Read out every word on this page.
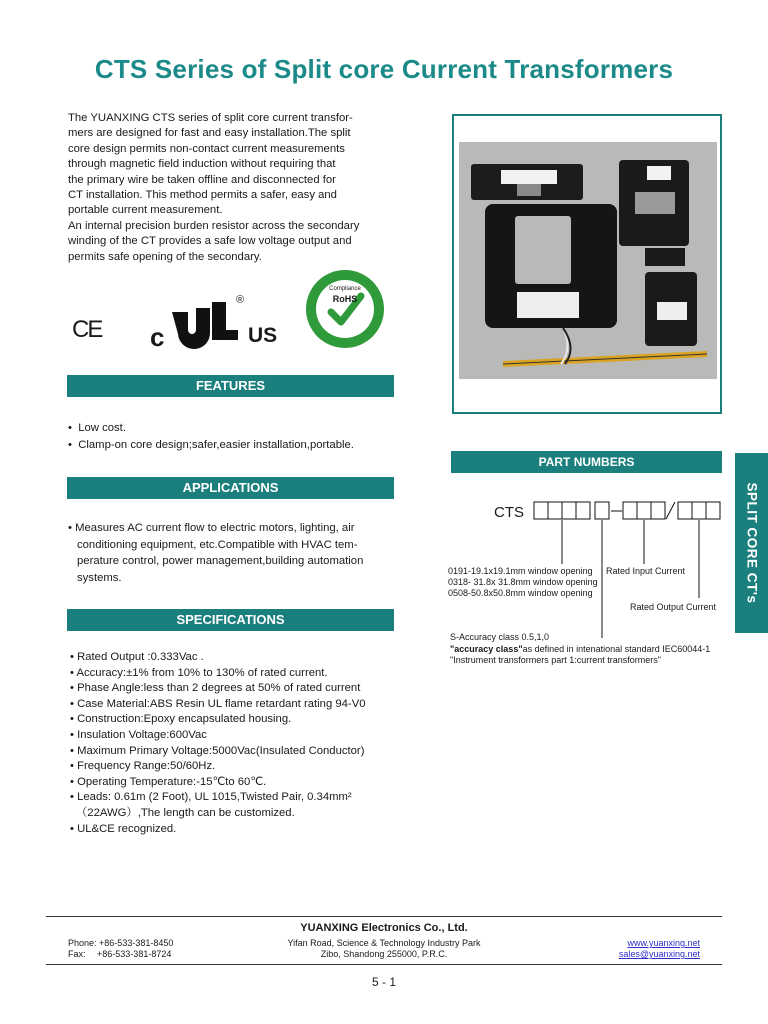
CTS Series of Split core Current Transformers

The YUANXING CTS series of split core current transfor-

mers are designed for fast and easy installation.The split

core design permits non-contact current measurements

through magnetic field induction without requiring that

the primary wire be taken offline and disconnected for

CT installation. This method permits a safer, easy and

portable current measurement.

An internal precision burden resistor across the secondary

winding of the CT provides a safe low voltage output and

permits safe opening of the secondary.

CE c	US
®
Compliance
RoHS
FEATURES
•  Low cost.
•  Clamp-on core design;safer,easier installation,portable.
APPLICATIONS
• Measures AC current flow to electric motors, lighting, air
conditioning equipment, etc.Compatible with HVAC tem-
perature control, power management,building automation
systems.
SPECIFICATIONS
• Rated Output :0.333Vac .
• Accuracy:±1% from 10% to 130% of rated current.
• Phase Angle:less than 2 degrees at 50% of rated current
• Case Material:ABS Resin UL flame retardant rating 94-V0
• Construction:Epoxy encapsulated housing.
• Insulation Voltage:600Vac
• Maximum Primary Voltage:5000Vac(Insulated Conductor)
• Frequency Range:50/60Hz.
• Operating Temperature:-15℃to 60℃.
• Leads: 0.61m (2 Foot), UL 1015,Twisted Pair, 0.34mm²
（22AWG）,The length can be customized.
• UL&CE recognized.
PART NUMBERS
CTS
0191-19.1x19.1mm window opening
0318- 31.8x 31.8mm window opening
0508-50.8x50.8mm window opening
Rated Input Current
Rated Output Current
S-Accuracy class 0.5,1,0
"accuracy class"as defined in intenational standard IEC60044-1
"Instrument transformers part 1:current transformers"
SPLIT CORE CT's
YUANXING Electronics Co., Ltd.
Phone: +86-533-381-8450
Fax: +86-533-381-8724
Yifan Road, Science & Technology Industry Park
Zibo, Shandong 255000, P.R.C.
www.yuanxing.net
sales@yuanxing.net
5 - 1
